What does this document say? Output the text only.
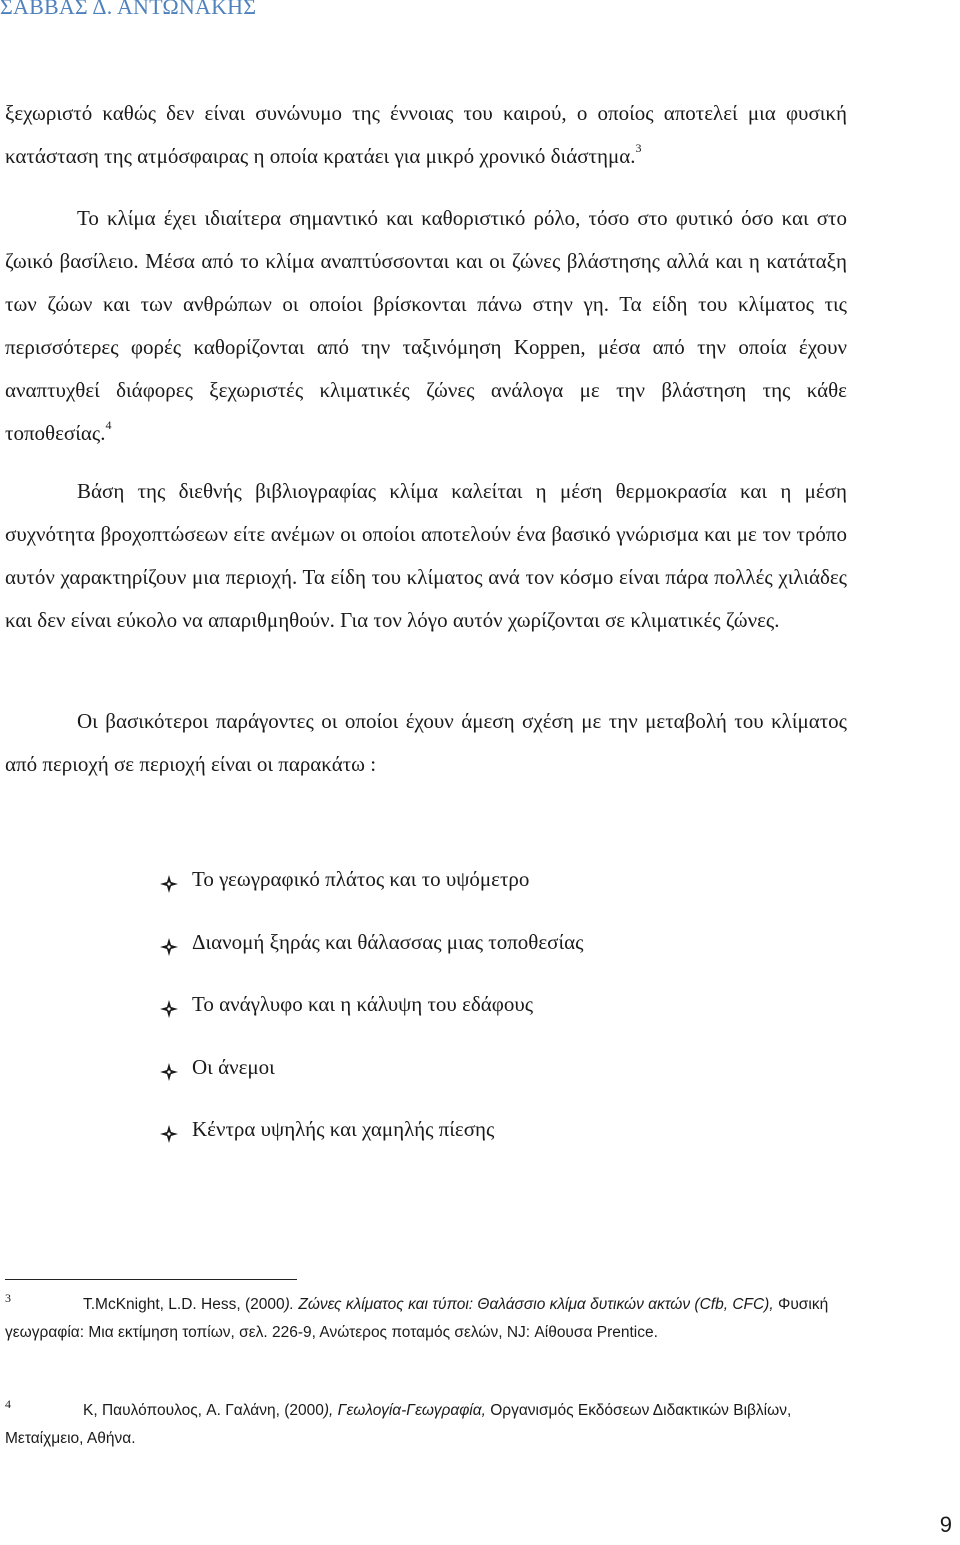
ΣΑΒΒΑΣ Δ. ΑΝΤΩΝΑΚΗΣ

ξεχωριστό καθώς δεν είναι συνώνυμο της έννοιας του καιρού, ο οποίος αποτελεί μια φυσική κατάσταση της ατμόσφαιρας η οποία κρατάει για μικρό χρονικό διάστημα.$^3$

Το κλίμα έχει ιδιαίτερα σημαντικό και καθοριστικό ρόλο, τόσο στο φυτικό όσο και στο ζωικό βασίλειο. Μέσα από το κλίμα αναπτύσσονται και οι ζώνες βλάστησης αλλά και η κατάταξη των ζώων και των ανθρώπων οι οποίοι βρίσκονται πάνω στην γη. Τα είδη του κλίματος τις περισσότερες φορές καθορίζονται από την ταξινόμηση Koppen, μέσα από την οποία έχουν αναπτυχθεί διάφορες ξεχωριστές κλιματικές ζώνες ανάλογα με την βλάστηση της κάθε τοποθεσίας.$^4$

Βάση της διεθνής βιβλιογραφίας κλίμα καλείται η μέση θερμοκρασία και η μέση συχνότητα βροχοπτώσεων είτε ανέμων οι οποίοι αποτελούν ένα βασικό γνώρισμα και με τον τρόπο αυτόν χαρακτηρίζουν μια περιοχή. Τα είδη του κλίματος ανά τον κόσμο είναι πάρα πολλές χιλιάδες και δεν είναι εύκολο να απαριθμηθούν. Για τον λόγο αυτόν χωρίζονται σε κλιματικές ζώνες.

Οι βασικότεροι παράγοντες οι οποίοι έχουν άμεση σχέση με την μεταβολή του κλίματος από περιοχή σε περιοχή είναι οι παρακάτω :

Το γεωγραφικό πλάτος και το υψόμετρο
Διανομή ξηράς και θάλασσας μιας τοποθεσίας
Το ανάγλυφο και η κάλυψη του εδάφους
Οι άνεμοι
Κέντρα υψηλής και χαμηλής πίεσης

3	T.McKnight, L.D. Hess, (2000). Ζώνες κλίματος και τύποι: Θαλάσσιο κλίμα δυτικών ακτών (Cfb, CFC), Φυσική γεωγραφία: Μια εκτίμηση τοπίων, σελ. 226-9, Ανώτερος ποταμός σελών, NJ: Αίθουσα Prentice.

4	K, Παυλόπουλος, A. Γαλάνη, (2000), Γεωλογία-Γεωγραφία, Οργανισμός Εκδόσεων Διδακτικών Βιβλίων, Μεταίχμειο, Αθήνα.

9
